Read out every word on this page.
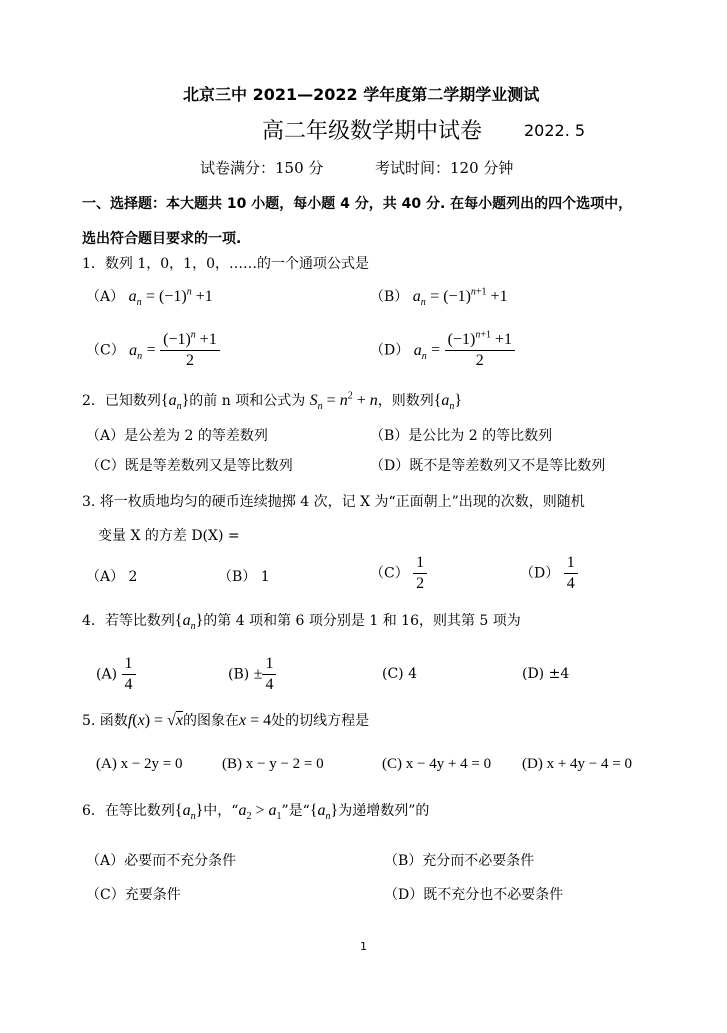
北京三中 2021—2022 学年度第二学期学业测试
高二年级数学期中试卷	2022. 5
试卷满分：150 分	考试时间：120 分钟
一、选择题：本大题共 10 小题，每小题 4 分，共 40 分. 在每小题列出的四个选项中，
选出符合题目要求的一项.
1．数列 1，0，1，0，……的一个通项公式是
（A） $a_n = (-1)^n +1$	（B） $a_n = (-1)^{n+1} +1$
（C） $a_n = \frac{(-1)^n +1}{2}$	（D） $a_n = \frac{(-1)^{n+1} +1}{2}$
2．已知数列$\{a_n\}$的前 n 项和公式为 $S_n = n^2 + n$，则数列$\{a_n\}$
（A）是公差为 2 的等差数列	（B）是公比为 2 的等比数列
（C）既是等差数列又是等比数列	（D）既不是等差数列又不是等比数列
3. 将一枚质地均匀的硬币连续抛掷 4 次，记 X 为“正面朝上”出现的次数，则随机
变量 X 的方差 D(X) =
（A） 2	（B） 1	$(C) \frac{1}{2}$	$(D) \frac{1}{4}$
4．若等比数列$\{a_n\}$的第 4 项和第 6 项分别是 1 和 16，则其第 5 项为
$(A) \frac{1}{4}$	$(B) \pm \frac{1}{4}$	(C) 4	(D) ±4
5. 函数f(x) = √x的图象在x = 4处的切线方程是
(A) x − 2y = 0	(B) x − y − 2 = 0	(C) x − 4y + 4 = 0 (D) x + 4y − 4 = 0
6．在等比数列$\{a_n\}$中，“$a_2 > a_1$”是“$\{a_n\}$为递增数列”的
（A）必要而不充分条件	（B）充分而不必要条件
（C）充要条件	（D）既不充分也不必要条件
1
